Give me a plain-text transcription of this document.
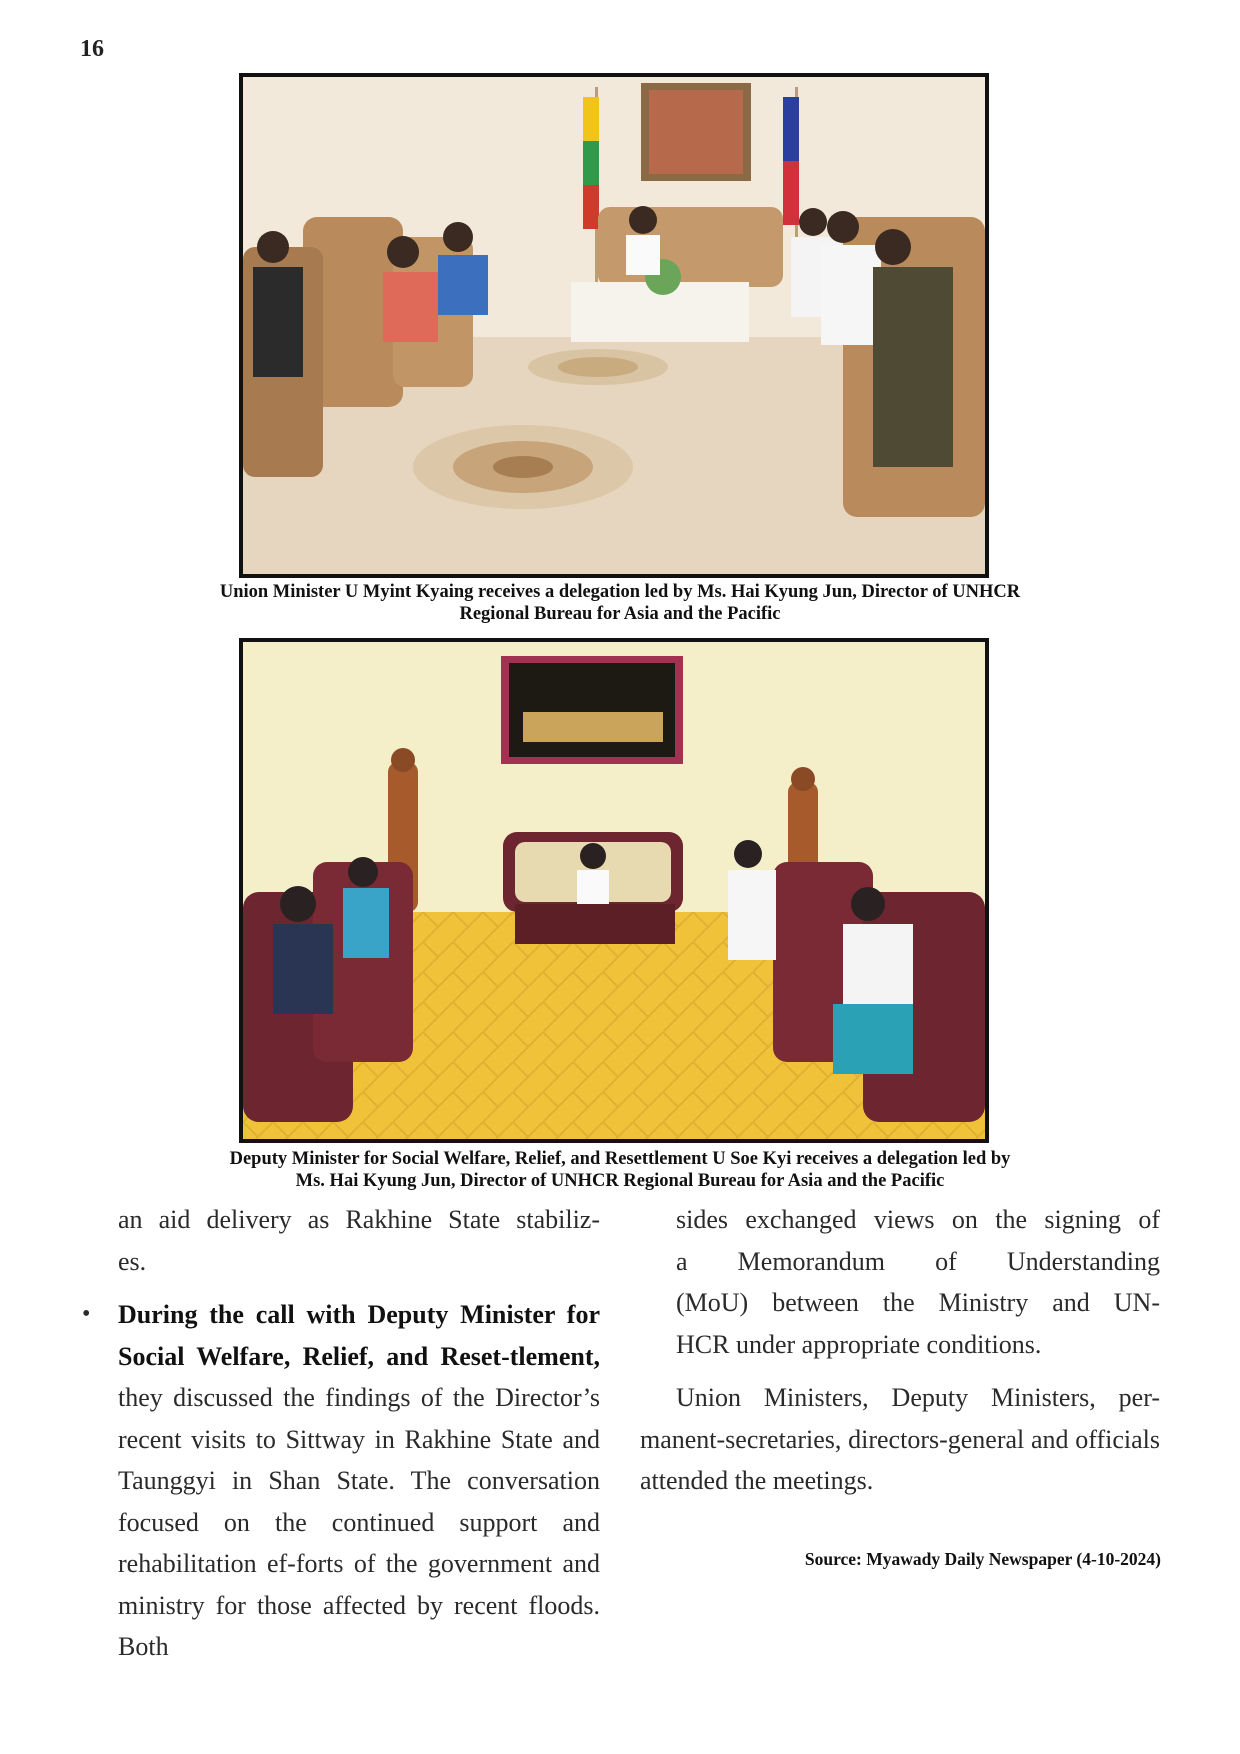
16
Union Minister U Myint Kyaing receives a delegation led by Ms. Hai Kyung Jun, Director of UNHCR
Regional Bureau for Asia and the Pacific
Deputy Minister for Social Welfare, Relief, and Resettlement U Soe Kyi receives a delegation led by
Ms. Hai Kyung Jun, Director of UNHCR Regional Bureau for Asia and the Pacific

an aid delivery as Rakhine State stabiliz-

es.

• During the call with Deputy Minister for Social Welfare, Relief, and Reset-tlement, they discussed the findings of the Director’s recent visits to Sittway in Rakhine State and Taunggyi in Shan State. The conversation focused on the continued support and rehabilitation ef-forts of the government and ministry for those affected by recent floods. Both

sides exchanged views on the signing of

a Memorandum of Understanding

(MoU) between the Ministry and UN-

HCR under appropriate conditions.

Union Ministers, Deputy Ministers, per-manent-secretaries, directors-general and officials attended the meetings.

Source: Myawady Daily Newspaper (4-10-2024)
